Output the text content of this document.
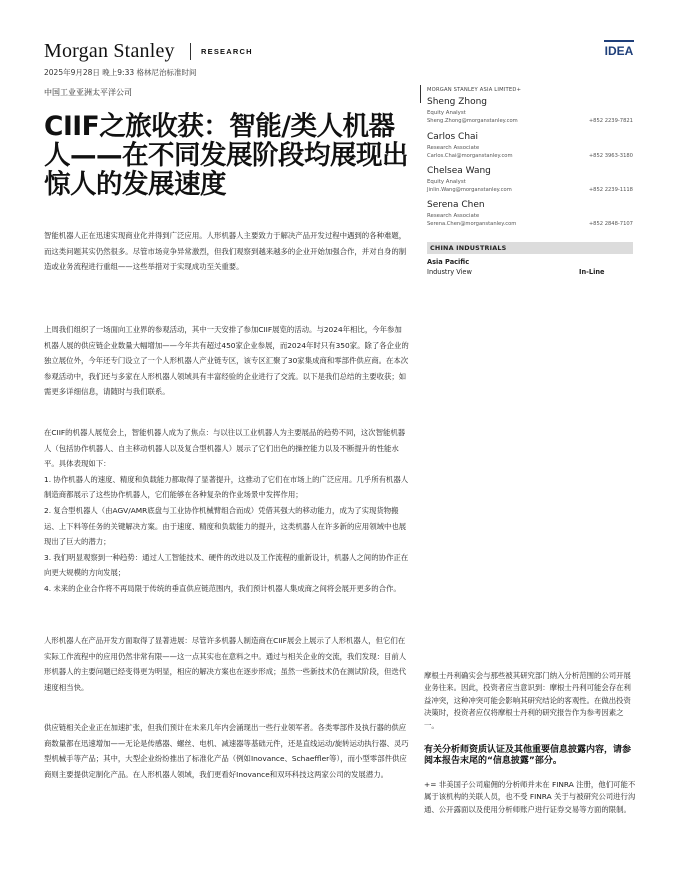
Morgan Stanley	RESEARCH	IDEA
2025年9月28日 晚上9:33 格林尼治标准时间
中国工业亚洲太平洋公司
CIIF之旅收获：智能/类人机器人——在不同发展阶段均展现出惊人的发展速度

智能机器人正在迅速实现商业化并得到广泛应用。人形机器人主要致力于解决产品开发过程中遇到的各种难题，而这类问题其实仍然很多。尽管市场竞争异常激烈，但我们观察到越来越多的企业开始加强合作，并对自身的制造或业务流程进行重组——这些举措对于实现成功至关重要。

上周我们组织了一场面向工业界的参观活动，其中一天安排了参加CIIF展览的活动。与2024年相比，今年参加机器人展的供应链企业数量大幅增加——今年共有超过450家企业参展，而2024年时只有350家。除了各企业的独立展位外，今年还专门设立了一个人形机器人产业链专区，该专区汇聚了30家集成商和零部件供应商。在本次参观活动中，我们还与多家在人形机器人领域具有丰富经验的企业进行了交流。以下是我们总结的主要收获；如需更多详细信息，请随时与我们联系。

在CIIF的机器人展览会上，智能机器人成为了焦点：与以往以工业机器人为主要展品的趋势不同，这次智能机器人（包括协作机器人、自主移动机器人以及复合型机器人）展示了它们出色的操控能力以及不断提升的性能水平。具体表现如下：
1. 协作机器人的速度、精度和负载能力都取得了显著提升，这推动了它们在市场上的广泛应用。几乎所有机器人制造商都展示了这些协作机器人，它们能够在各种复杂的作业场景中发挥作用；
2. 复合型机器人（由AGV/AMR底盘与工业协作机械臂组合而成）凭借其强大的移动能力，成为了实现货物搬运、上下料等任务的关键解决方案。由于速度、精度和负载能力的提升，这类机器人在许多新的应用领域中也展现出了巨大的潜力；
3. 我们明显观察到一种趋势：通过人工智能技术、硬件的改进以及工作流程的重新设计，机器人之间的协作正在向更大规模的方向发展；
4. 未来的企业合作将不再局限于传统的垂直供应链范围内，我们预计机器人集成商之间将会展开更多的合作。

人形机器人在产品开发方面取得了显著进展：尽管许多机器人制造商在CIIF展会上展示了人形机器人，但它们在实际工作流程中的应用仍然非常有限——这一点其实也在意料之中。通过与相关企业的交流，我们发现：目前人形机器人的主要问题已经变得更为明显，相应的解决方案也在逐步形成；虽然一些新技术仍在测试阶段，但迭代速度相当快。

供应链相关企业正在加速扩张，但我们预计在未来几年内会涌现出一些行业领军者。各类零部件及执行器的供应商数量都在迅速增加——无论是传感器、螺丝、电机、减速器等基础元件，还是直线运动/旋转运动执行器、灵巧型机械手等产品；其中，大型企业纷纷推出了标准化产品（例如Inovance、Schaeffler等），而小型零部件供应商则主要提供定制化产品。在人形机器人领域，我们更看好Inovance和双环科技这两家公司的发展潜力。

MORGAN STANLEY ASIA LIMITED+
Sheng Zhong
Equity Analyst
Sheng.Zhong@morganstanley.com	+852 2239-7821
Carlos Chai
Research Associate
Carlos.Chai@morganstanley.com	+852 3963-3180
Chelsea Wang
Equity Analyst
Jinlin.Wang@morganstanley.com	+852 2239-1118
Serena Chen
Research Associate
Serena.Chen@morganstanley.com	+852 2848-7107
CHINA INDUSTRIALS
Asia Pacific
Industry View	In-Line

摩根士丹利确实会与那些被其研究部门纳入分析范围的公司开展业务往来。因此，投资者应当意识到：摩根士丹利可能会存在利益冲突，这种冲突可能会影响其研究结论的客观性。在做出投资决策时，投资者应仅将摩根士丹利的研究报告作为参考因素之一。

有关分析师资质认证及其他重要信息披露内容，请参阅本报告末尾的“信息披露”部分。

+= 非美国子公司雇佣的分析师并未在 FINRA 注册，他们可能不属于该机构的关联人员，也不受 FINRA 关于与被研究公司进行沟通、公开露面以及使用分析师账户进行证券交易等方面的限制。
